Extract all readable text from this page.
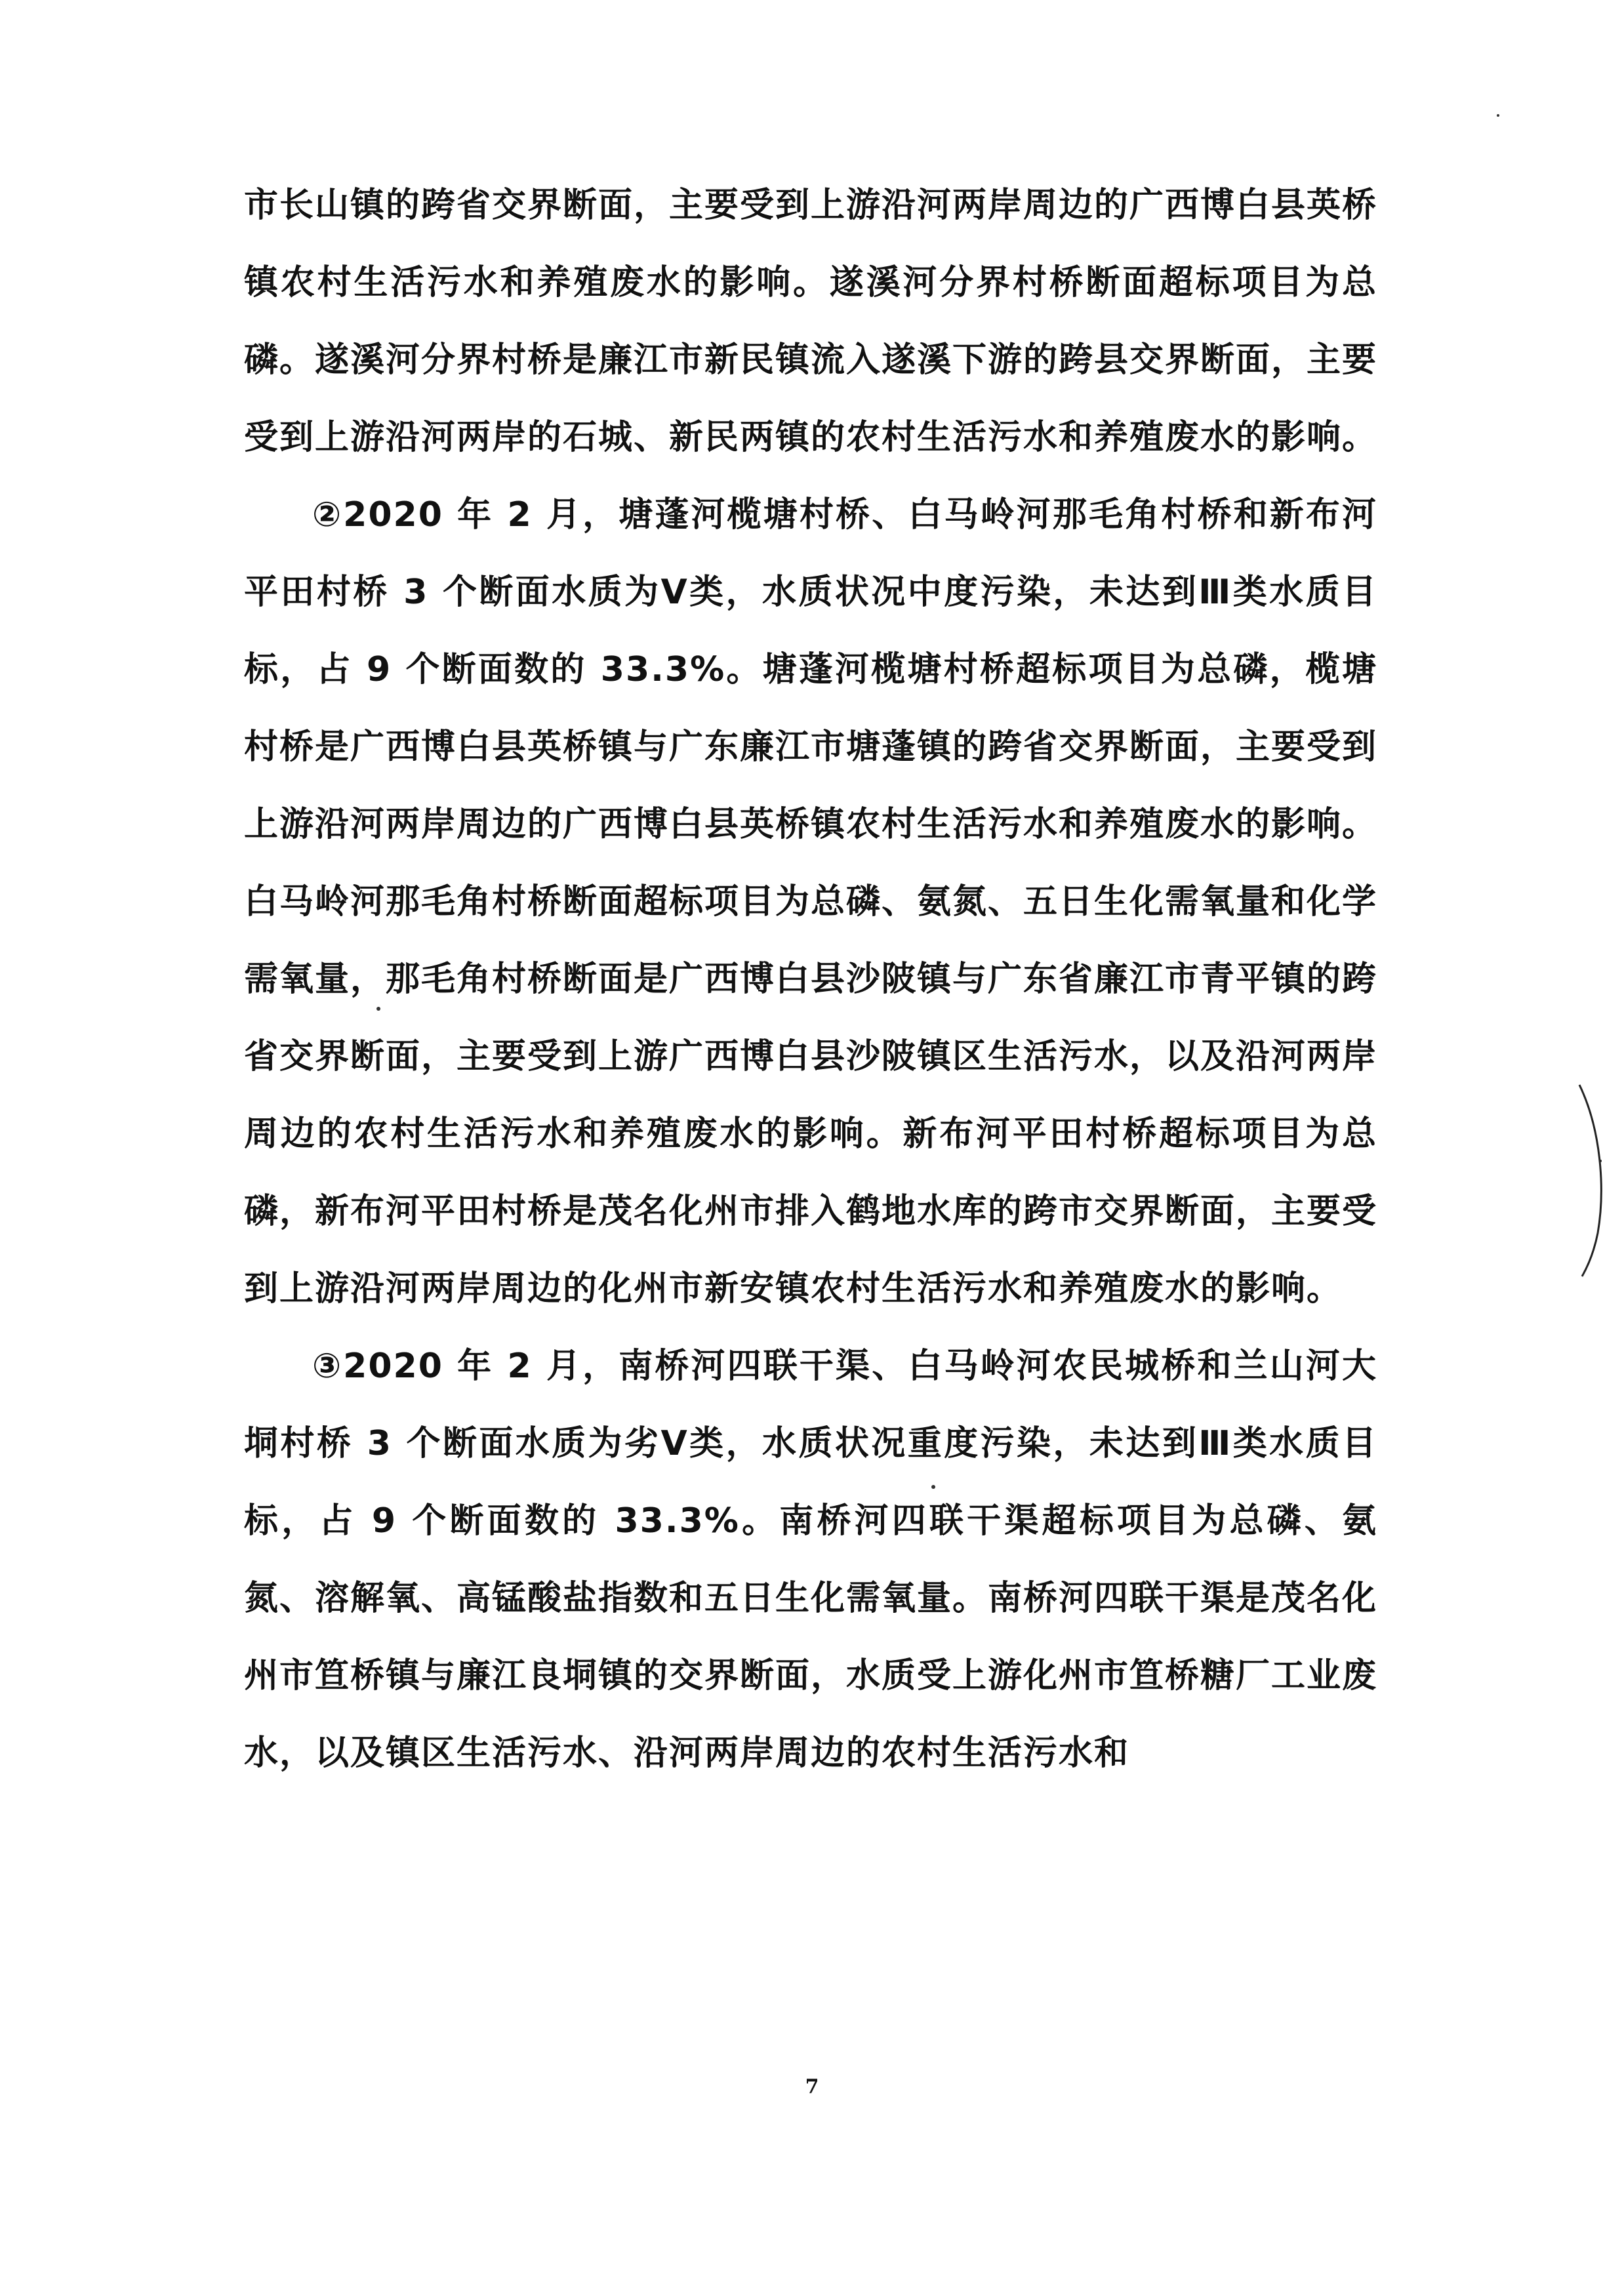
市长山镇的跨省交界断面，主要受到上游沿河两岸周边的广西博白县英桥镇农村生活污水和养殖废水的影响。遂溪河分界村桥断面超标项目为总磷。遂溪河分界村桥是廉江市新民镇流入遂溪下游的跨县交界断面，主要受到上游沿河两岸的石城、新民两镇的农村生活污水和养殖废水的影响。

②2020 年 2 月，塘蓬河榄塘村桥、白马岭河那毛角村桥和新布河平田村桥 3 个断面水质为Ⅴ类，水质状况中度污染，未达到Ⅲ类水质目标，占 9 个断面数的 33.3%。塘蓬河榄塘村桥超标项目为总磷，榄塘村桥是广西博白县英桥镇与广东廉江市塘蓬镇的跨省交界断面，主要受到上游沿河两岸周边的广西博白县英桥镇农村生活污水和养殖废水的影响。白马岭河那毛角村桥断面超标项目为总磷、氨氮、五日生化需氧量和化学需氧量，那毛角村桥断面是广西博白县沙陂镇与广东省廉江市青平镇的跨省交界断面，主要受到上游广西博白县沙陂镇区生活污水，以及沿河两岸周边的农村生活污水和养殖废水的影响。新布河平田村桥超标项目为总磷，新布河平田村桥是茂名化州市排入鹤地水库的跨市交界断面，主要受到上游沿河两岸周边的化州市新安镇农村生活污水和养殖废水的影响。

③2020 年 2 月，南桥河四联干渠、白马岭河农民城桥和兰山河大垌村桥 3 个断面水质为劣Ⅴ类，水质状况重度污染，未达到Ⅲ类水质目标，占 9 个断面数的 33.3%。南桥河四联干渠超标项目为总磷、氨氮、溶解氧、高锰酸盐指数和五日生化需氧量。南桥河四联干渠是茂名化州市笪桥镇与廉江良垌镇的交界断面，水质受上游化州市笪桥糖厂工业废水，以及镇区生活污水、沿河两岸周边的农村生活污水和

7
